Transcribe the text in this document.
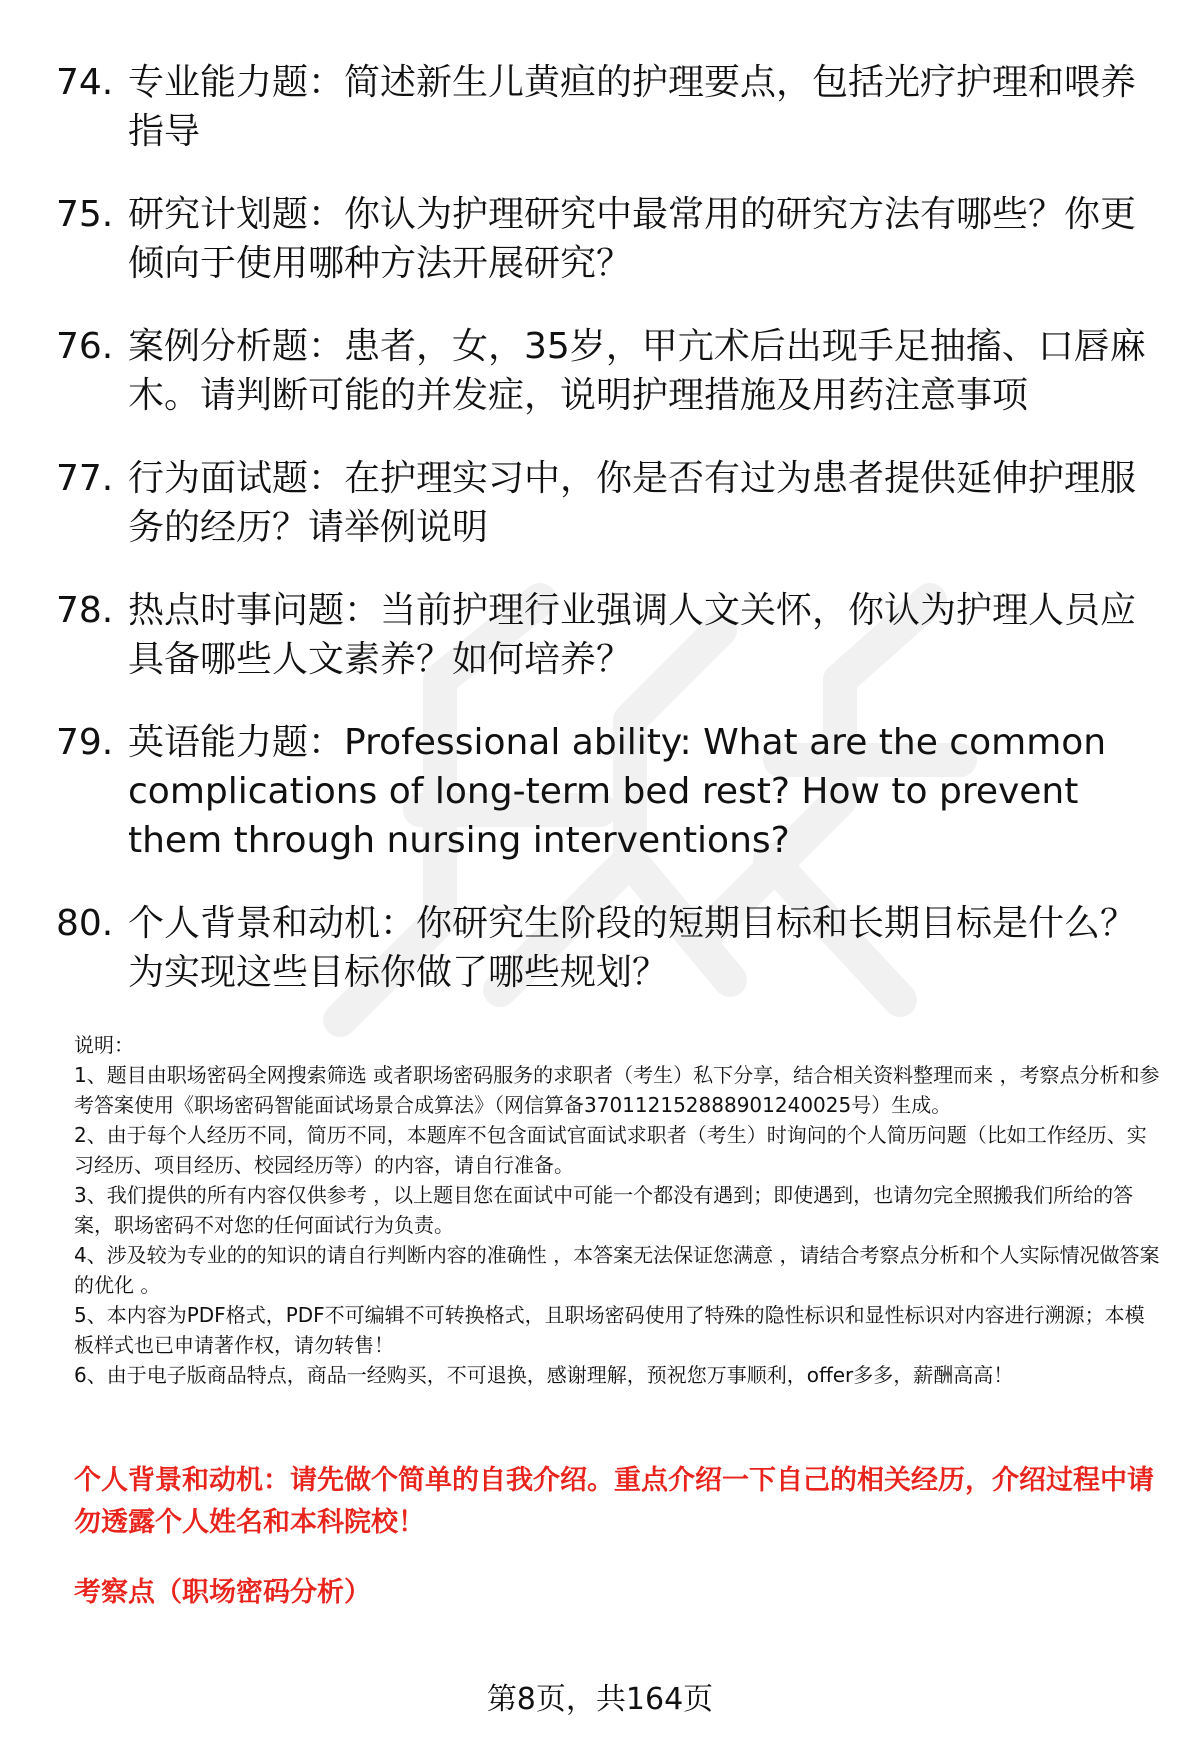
74. 专业能力题：简述新生儿黄疸的护理要点，包括光疗护理和喂养指导
75. 研究计划题：你认为护理研究中最常用的研究方法有哪些？你更倾向于使用哪种方法开展研究？
76. 案例分析题：患者，女，35岁，甲亢术后出现手足抽搐、口唇麻木。请判断可能的并发症，说明护理措施及用药注意事项
77. 行为面试题：在护理实习中，你是否有过为患者提供延伸护理服务的经历？请举例说明
78. 热点时事问题：当前护理行业强调人文关怀，你认为护理人员应具备哪些人文素养？如何培养？
79. 英语能力题：Professional ability: What are the common complications of long-term bed rest? How to prevent them through nursing interventions?
80. 个人背景和动机：你研究生阶段的短期目标和长期目标是什么？为实现这些目标你做了哪些规划？

说明：

1、题目由职场密码全网搜索筛选 或者职场密码服务的求职者（考生）私下分享，结合相关资料整理而来 ，考察点分析和参考答案使用《职场密码智能面试场景合成算法》（网信算备370112152888901240025号）生成。

2、由于每个人经历不同，简历不同，本题库不包含面试官面试求职者（考生）时询问的个人简历问题（比如工作经历、实习经历、项目经历、校园经历等）的内容，请自行准备。

3、我们提供的所有内容仅供参考 ，以上题目您在面试中可能一个都没有遇到；即使遇到，也请勿完全照搬我们所给的答案，职场密码不对您的任何面试行为负责。

4、涉及较为专业的的知识的请自行判断内容的准确性 ，本答案无法保证您满意 ，请结合考察点分析和个人实际情况做答案的优化 。

5、本内容为PDF格式，PDF不可编辑不可转换格式，且职场密码使用了特殊的隐性标识和显性标识对内容进行溯源；本模板样式也已申请著作权，请勿转售！

6、由于电子版商品特点，商品一经购买，不可退换，感谢理解，预祝您万事顺利，offer多多，薪酬高高！

个人背景和动机：请先做个简单的自我介绍。重点介绍一下自己的相关经历，介绍过程中请勿透露个人姓名和本科院校！

考察点（职场密码分析）

第8页，共164页
